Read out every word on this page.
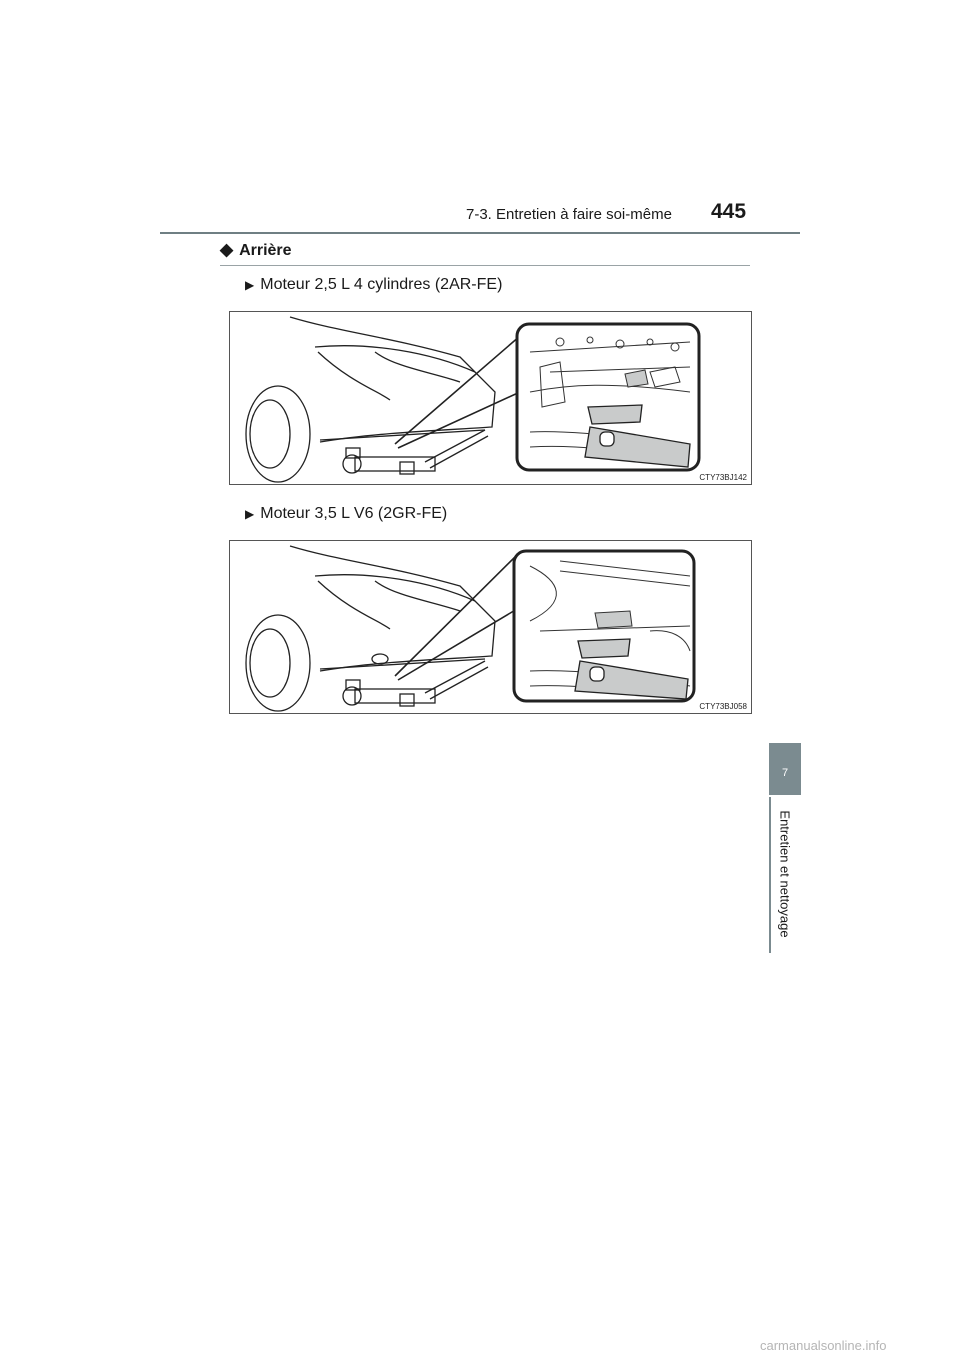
7-3. Entretien à faire soi-même 445
◆ Arrière
▶ Moteur 2,5 L 4 cylindres (2AR-FE)
CTY73BJ142
▶ Moteur 3,5 L V6 (2GR-FE)
CTY73BJ058
7
Entretien et nettoyage
carmanualsonline.info
